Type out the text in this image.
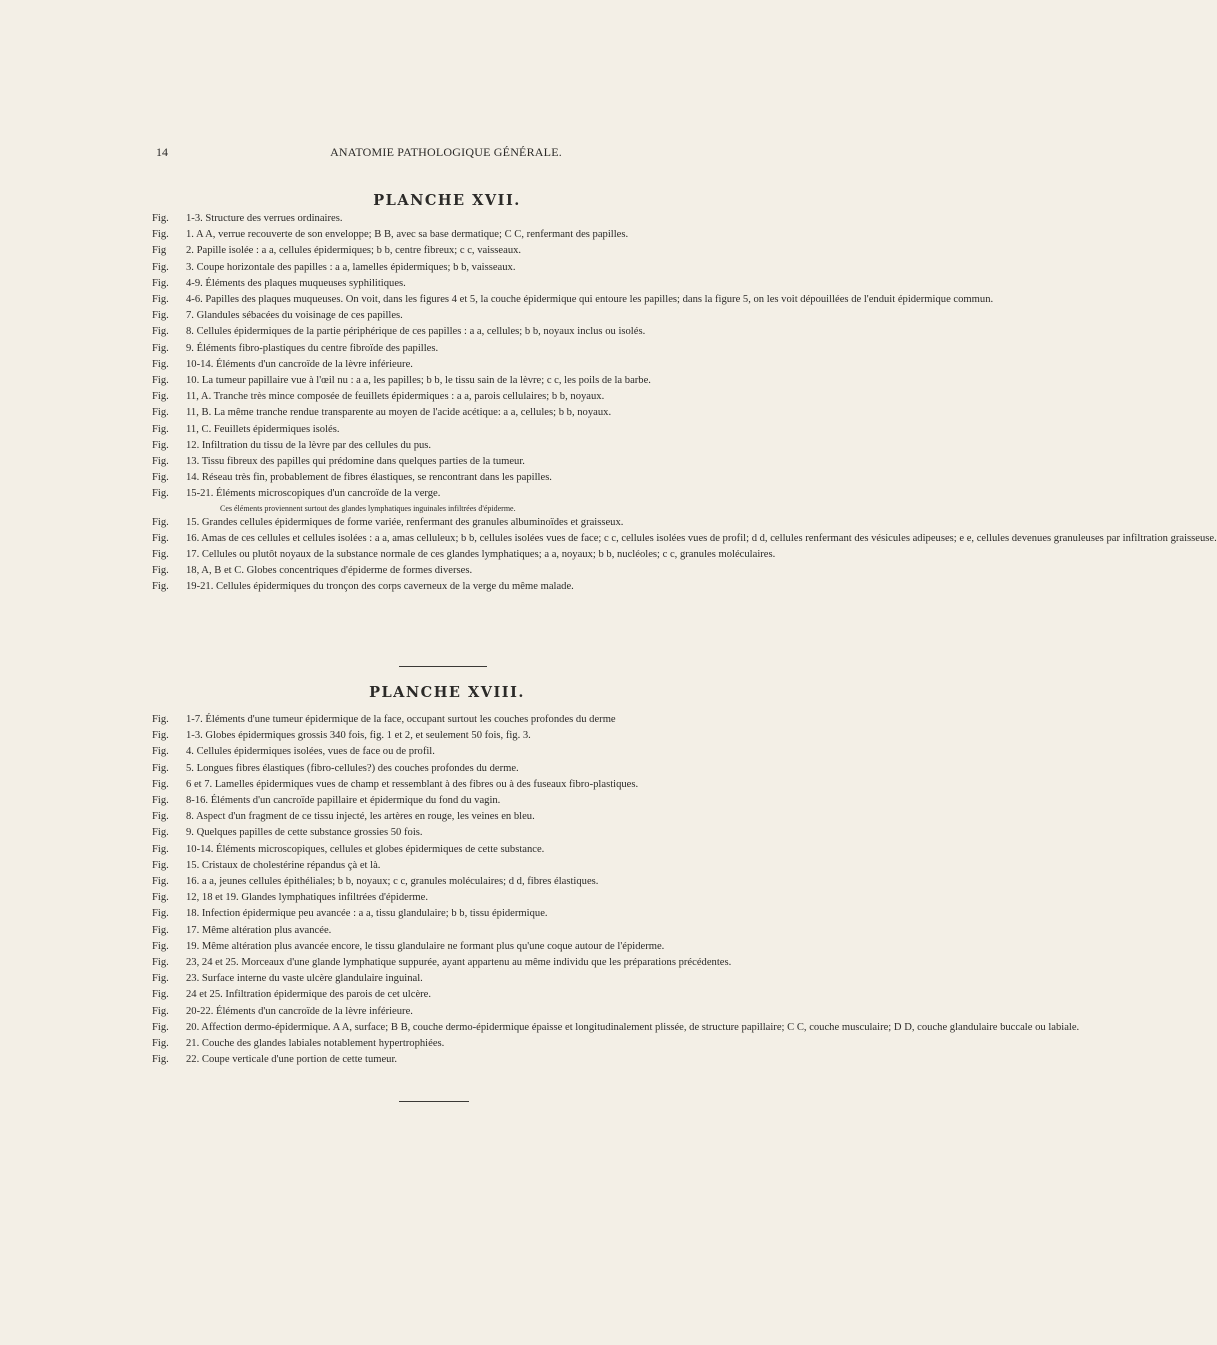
14	ANATOMIE PATHOLOGIQUE GÉNÉRALE.
PLANCHE XVII.
Fig.	1-3. Structure des verrues ordinaires.
Fig.	1. A A, verrue recouverte de son enveloppe; B B, avec sa base dermatique; C C, renfermant des papilles.
Fig	2. Papille isolée : a a, cellules épidermiques; b b, centre fibreux; c c, vaisseaux.
Fig.	3. Coupe horizontale des papilles : a a, lamelles épidermiques; b b, vaisseaux.
Fig.	4-9. Éléments des plaques muqueuses syphilitiques.
Fig.	4-6. Papilles des plaques muqueuses. On voit, dans les figures 4 et 5, la couche épidermique qui entoure les papilles; dans la figure 5, on les voit dépouillées de l'enduit épidermique commun.
Fig.	7. Glandules sébacées du voisinage de ces papilles.
Fig.	8. Cellules épidermiques de la partie périphérique de ces papilles : a a, cellules; b b, noyaux inclus ou isolés.
Fig.	9. Éléments fibro-plastiques du centre fibroïde des papilles.
Fig.	10-14. Éléments d'un cancroïde de la lèvre inférieure.
Fig.	10. La tumeur papillaire vue à l'œil nu : a a, les papilles; b b, le tissu sain de la lèvre; c c, les poils de la barbe.
Fig.	11, A. Tranche très mince composée de feuillets épidermiques : a a, parois cellulaires; b b, noyaux.
Fig.	11, B. La même tranche rendue transparente au moyen de l'acide acétique: a a, cellules; b b, noyaux.
Fig.	11, C. Feuillets épidermiques isolés.
Fig.	12. Infiltration du tissu de la lèvre par des cellules du pus.
Fig.	13. Tissu fibreux des papilles qui prédomine dans quelques parties de la tumeur.
Fig.	14. Réseau très fin, probablement de fibres élastiques, se rencontrant dans les papilles.
Fig.	15-21. Éléments microscopiques d'un cancroïde de la verge.
Ces éléments proviennent surtout des glandes lymphatiques inguinales infiltrées d'épiderme.
Fig.	15. Grandes cellules épidermiques de forme variée, renfermant des granules albuminoïdes et graisseux.
Fig.	16. Amas de ces cellules et cellules isolées : a a, amas celluleux; b b, cellules isolées vues de face; c c, cellules isolées vues de profil; d d, cellules renfermant des vésicules adipeuses; e e, cellules devenues granuleuses par infiltration graisseuse.
Fig.	17. Cellules ou plutôt noyaux de la substance normale de ces glandes lymphatiques; a a, noyaux; b b, nucléoles; c c, granules moléculaires.
Fig.	18, A, B et C. Globes concentriques d'épiderme de formes diverses.
Fig.	19-21. Cellules épidermiques du tronçon des corps caverneux de la verge du même malade.
PLANCHE XVIII.
Fig.	1-7. Éléments d'une tumeur épidermique de la face, occupant surtout les couches profondes du derme
Fig.	1-3. Globes épidermiques grossis 340 fois, fig. 1 et 2, et seulement 50 fois, fig. 3.
Fig.	4. Cellules épidermiques isolées, vues de face ou de profil.
Fig.	5. Longues fibres élastiques (fibro-cellules?) des couches profondes du derme.
Fig.	6 et 7. Lamelles épidermiques vues de champ et ressemblant à des fibres ou à des fuseaux fibro-plastiques.
Fig.	8-16. Éléments d'un cancroïde papillaire et épidermique du fond du vagin.
Fig.	8. Aspect d'un fragment de ce tissu injecté, les artères en rouge, les veines en bleu.
Fig.	9. Quelques papilles de cette substance grossies 50 fois.
Fig.	10-14. Éléments microscopiques, cellules et globes épidermiques de cette substance.
Fig.	15. Cristaux de cholestérine répandus çà et là.
Fig.	16. a a, jeunes cellules épithéliales; b b, noyaux; c c, granules moléculaires; d d, fibres élastiques.
Fig.	12, 18 et 19. Glandes lymphatiques infiltrées d'épiderme.
Fig.	18. Infection épidermique peu avancée : a a, tissu glandulaire; b b, tissu épidermique.
Fig.	17. Même altération plus avancée.
Fig.	19. Même altération plus avancée encore, le tissu glandulaire ne formant plus qu'une coque autour de l'épiderme.
Fig.	23, 24 et 25. Morceaux d'une glande lymphatique suppurée, ayant appartenu au même individu que les préparations précédentes.
Fig.	23. Surface interne du vaste ulcère glandulaire inguinal.
Fig.	24 et 25. Infiltration épidermique des parois de cet ulcère.
Fig.	20-22. Éléments d'un cancroïde de la lèvre inférieure.
Fig.	20. Affection dermo-épidermique. A A, surface; B B, couche dermo-épidermique épaisse et longitudinalement plissée, de structure papillaire; C C, couche musculaire; D D, couche glandulaire buccale ou labiale.
Fig.	21. Couche des glandes labiales notablement hypertrophiées.
Fig.	22. Coupe verticale d'une portion de cette tumeur.
